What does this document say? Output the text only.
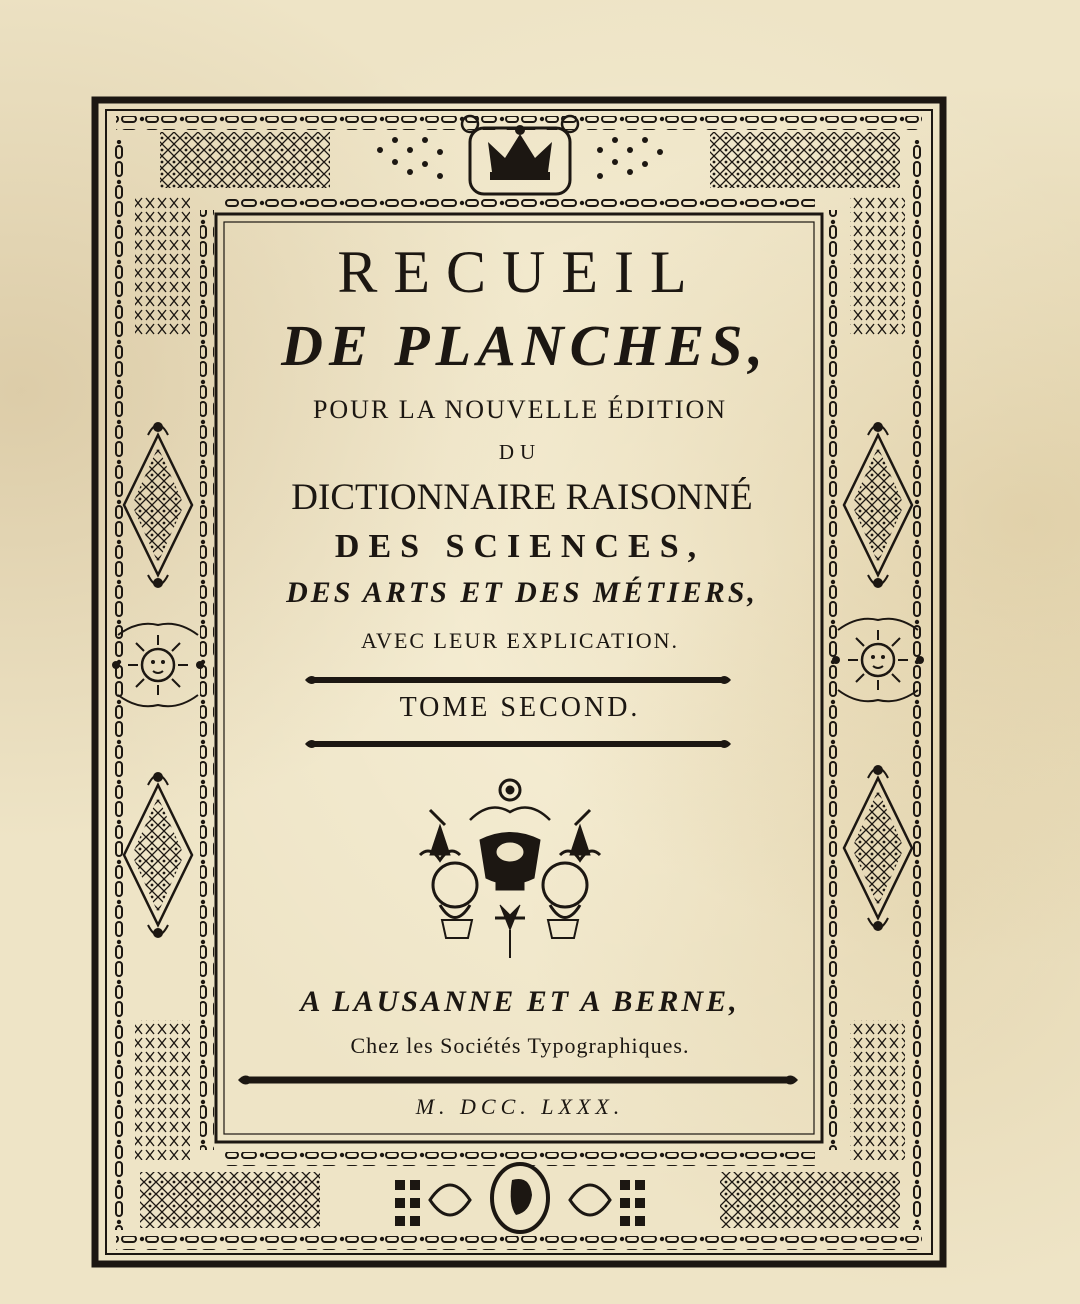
RECUEIL
DE PLANCHES,
POUR LA NOUVELLE ÉDITION
DU
DICTIONNAIRE RAISONNÉ
DES SCIENCES,
DES ARTS ET DES MÉTIERS,
AVEC LEUR EXPLICATION.
TOME SECOND.
A LAUSANNE ET A BERNE,
Chez les Sociétés Typographiques.
M. DCC. LXXX.
